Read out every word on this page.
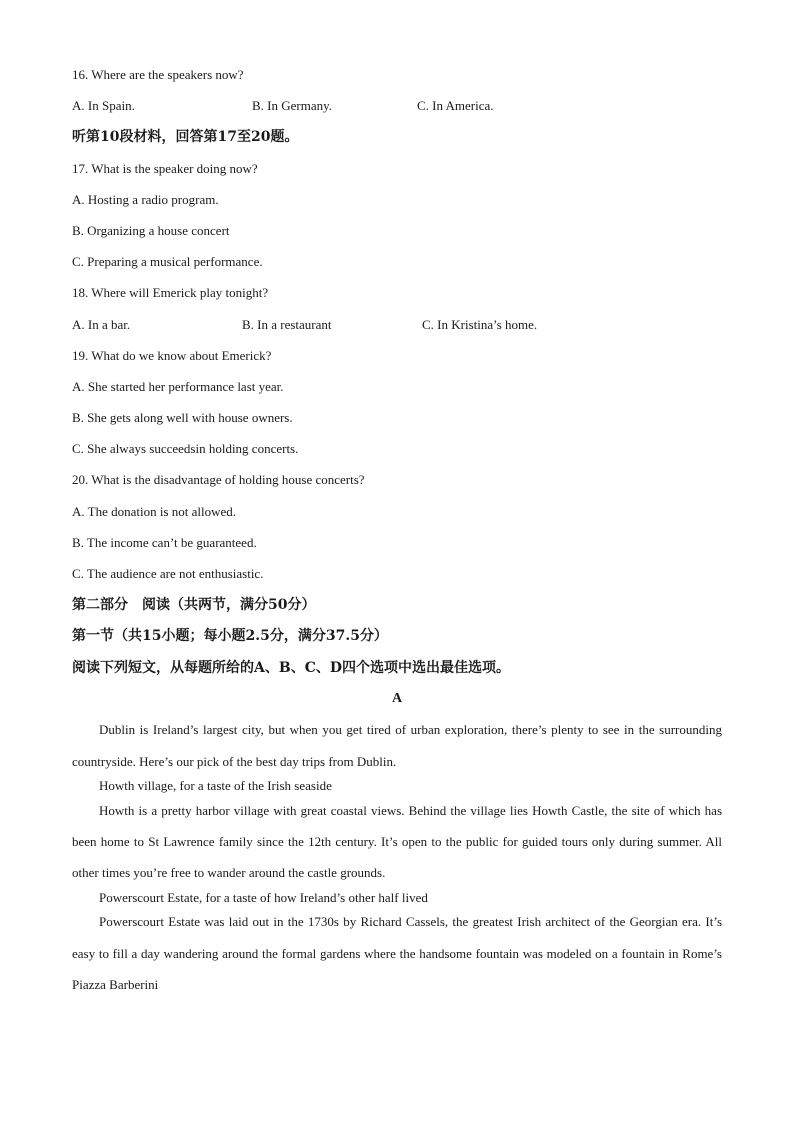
16. Where are the speakers now?
A. In Spain.	B. In Germany.	C. In America.
听第10段材料，回答第17至20题。
17. What is the speaker doing now?
A. Hosting a radio program.
B. Organizing a house concert
C. Preparing a musical performance.
18. Where will Emerick play tonight?
A. In a bar.	B. In a restaurant	C. In Kristina’s home.
19. What do we know about Emerick?
A. She started her performance last year.
B. She gets along well with house owners.
C. She always succeedsin holding concerts.
20. What is the disadvantage of holding house concerts?
A. The donation is not allowed.
B. The income can’t be guaranteed.
C. The audience are not enthusiastic.
第二部分　阅读（共两节，满分50分）
第一节（共15小题；每小题2.5分，满分37.5分）
阅读下列短文，从每题所给的A、B、C、D四个选项中选出最佳选项。
A
Dublin is Ireland’s largest city, but when you get tired of urban exploration, there’s plenty to see in the surrounding countryside. Here’s our pick of the best day trips from Dublin.
Howth village, for a taste of the Irish seaside
Howth is a pretty harbor village with great coastal views. Behind the village lies Howth Castle, the site of which has been home to St Lawrence family since the 12th century. It’s open to the public for guided tours only during summer. All other times you’re free to wander around the castle grounds.
Powerscourt Estate, for a taste of how Ireland’s other half lived
Powerscourt Estate was laid out in the 1730s by Richard Cassels, the greatest Irish architect of the Georgian era. It’s easy to fill a day wandering around the formal gardens where the handsome fountain was modeled on a fountain in Rome’s Piazza Barberini
